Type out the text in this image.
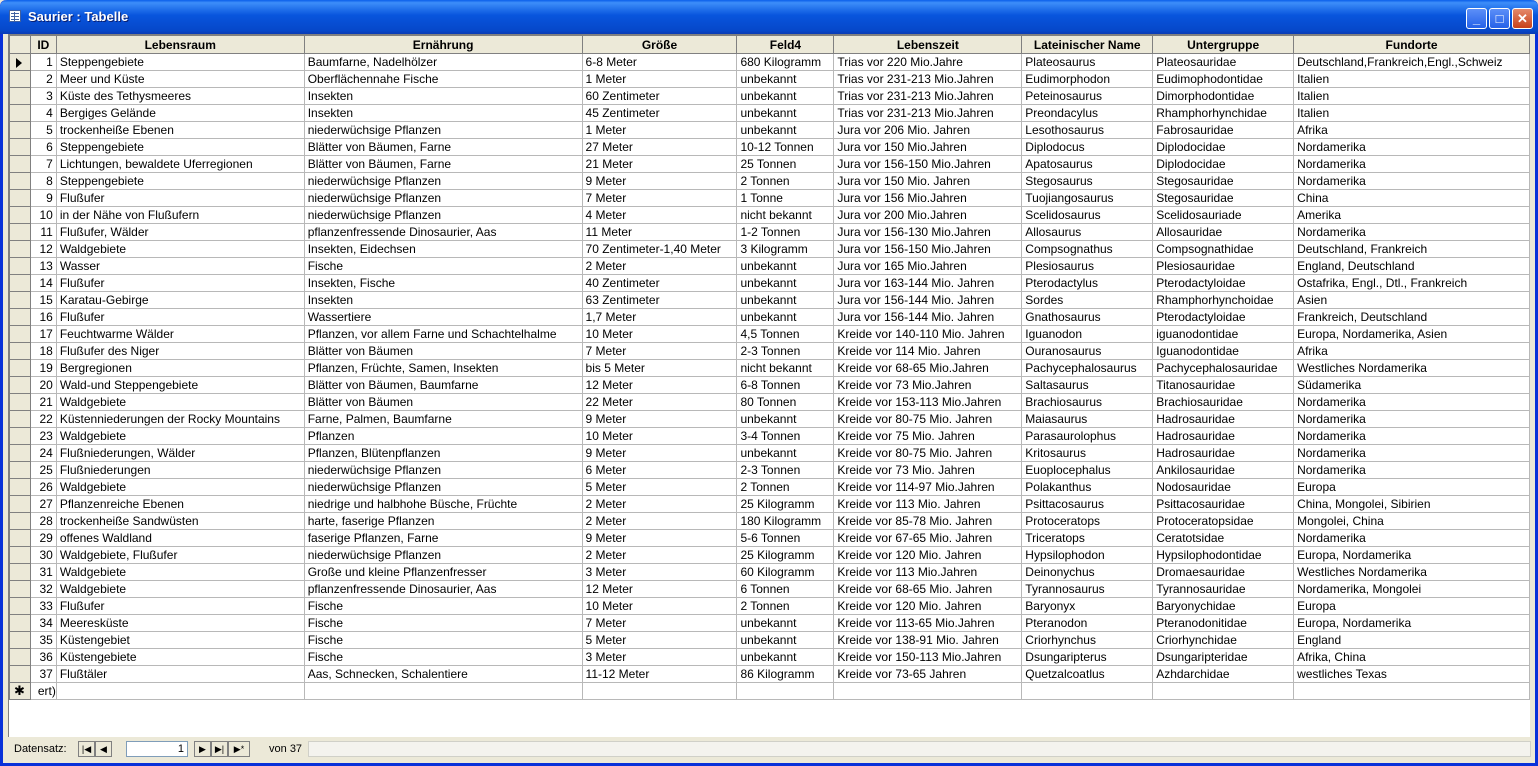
Saurier : Tabelle	_	□	✕
	ID	Lebensraum	Ernährung	Größe	Feld4	Lebenszeit	Lateinischer Name	Untergruppe	Fundorte

	1	Steppengebiete	Baumfarne, Nadelhölzer	6-8 Meter	680 Kilogramm	Trias vor 220 Mio.Jahre	Plateosaurus	Plateosauridae	Deutschland,Frankreich,Engl.,Schweiz
	2	Meer und Küste	Oberflächennahe Fische	1 Meter	unbekannt	Trias vor 231-213 Mio.Jahren	Eudimorphodon	Eudimophodontidae	Italien
	3	Küste des Tethysmeeres	Insekten	60 Zentimeter	unbekannt	Trias vor 231-213 Mio.Jahren	Peteinosaurus	Dimorphodontidae	Italien
	4	Bergiges Gelände	Insekten	45 Zentimeter	unbekannt	Trias vor 231-213 Mio.Jahren	Preondacylus	Rhamphorhynchidae	Italien
	5	trockenheiße Ebenen	niederwüchsige Pflanzen	1 Meter	unbekannt	Jura vor 206 Mio. Jahren	Lesothosaurus	Fabrosauridae	Afrika
	6	Steppengebiete	Blätter von Bäumen, Farne	27 Meter	10-12 Tonnen	Jura vor 150 Mio.Jahren	Diplodocus	Diplodocidae	Nordamerika
	7	Lichtungen, bewaldete Uferregionen	Blätter von Bäumen, Farne	21 Meter	25 Tonnen	Jura vor 156-150 Mio.Jahren	Apatosaurus	Diplodocidae	Nordamerika
	8	Steppengebiete	niederwüchsige Pflanzen	9 Meter	2 Tonnen	Jura vor 150 Mio. Jahren	Stegosaurus	Stegosauridae	Nordamerika
	9	Flußufer	niederwüchsige Pflanzen	7 Meter	1 Tonne	Jura vor 156 Mio.Jahren	Tuojiangosaurus	Stegosauridae	China
	10	in der Nähe von Flußufern	niederwüchsige Pflanzen	4 Meter	nicht bekannt	Jura vor 200 Mio.Jahren	Scelidosaurus	Scelidosauriade	Amerika
	11	Flußufer, Wälder	pflanzenfressende Dinosaurier, Aas	11 Meter	1-2 Tonnen	Jura vor 156-130 Mio.Jahren	Allosaurus	Allosauridae	Nordamerika
	12	Waldgebiete	Insekten, Eidechsen	70 Zentimeter-1,40 Meter	3 Kilogramm	Jura vor 156-150 Mio.Jahren	Compsognathus	Compsognathidae	Deutschland, Frankreich
	13	Wasser	Fische	2 Meter	unbekannt	Jura vor 165 Mio.Jahren	Plesiosaurus	Plesiosauridae	England, Deutschland
	14	Flußufer	Insekten, Fische	40 Zentimeter	unbekannt	Jura vor 163-144 Mio. Jahren	Pterodactylus	Pterodactyloidae	Ostafrika, Engl., Dtl., Frankreich
	15	Karatau-Gebirge	Insekten	63 Zentimeter	unbekannt	Jura vor 156-144 Mio. Jahren	Sordes	Rhamphorhynchoidae	Asien
	16	Flußufer	Wassertiere	1,7 Meter	unbekannt	Jura vor 156-144 Mio. Jahren	Gnathosaurus	Pterodactyloidae	Frankreich, Deutschland
	17	Feuchtwarme Wälder	Pflanzen, vor allem Farne und Schachtelhalme	10 Meter	4,5 Tonnen	Kreide vor 140-110 Mio. Jahren	Iguanodon	iguanodontidae	Europa, Nordamerika, Asien
	18	Flußufer des Niger	Blätter von Bäumen	7 Meter	2-3 Tonnen	Kreide vor 114 Mio. Jahren	Ouranosaurus	Iguanodontidae	Afrika
	19	Bergregionen	Pflanzen, Früchte, Samen, Insekten	bis 5 Meter	nicht bekannt	Kreide vor 68-65 Mio.Jahren	Pachycephalosaurus	Pachycephalosauridae	Westliches Nordamerika
	20	Wald-und Steppengebiete	Blätter von Bäumen, Baumfarne	12 Meter	6-8 Tonnen	Kreide vor 73 Mio.Jahren	Saltasaurus	Titanosauridae	Südamerika
	21	Waldgebiete	Blätter von Bäumen	22 Meter	80 Tonnen	Kreide vor 153-113 Mio.Jahren	Brachiosaurus	Brachiosauridae	Nordamerika
	22	Küstenniederungen der Rocky Mountains	Farne, Palmen, Baumfarne	9 Meter	unbekannt	Kreide vor 80-75 Mio. Jahren	Maiasaurus	Hadrosauridae	Nordamerika
	23	Waldgebiete	Pflanzen	10 Meter	3-4 Tonnen	Kreide vor 75 Mio. Jahren	Parasaurolophus	Hadrosauridae	Nordamerika
	24	Flußniederungen, Wälder	Pflanzen, Blütenpflanzen	9 Meter	unbekannt	Kreide vor 80-75 Mio. Jahren	Kritosaurus	Hadrosauridae	Nordamerika
	25	Flußniederungen	niederwüchsige Pflanzen	6 Meter	2-3 Tonnen	Kreide vor 73 Mio. Jahren	Euoplocephalus	Ankilosauridae	Nordamerika
	26	Waldgebiete	niederwüchsige Pflanzen	5 Meter	2 Tonnen	Kreide vor 114-97 Mio.Jahren	Polakanthus	Nodosauridae	Europa
	27	Pflanzenreiche Ebenen	niedrige und halbhohe Büsche, Früchte	2 Meter	25 Kilogramm	Kreide vor 113 Mio. Jahren	Psittacosaurus	Psittacosauridae	China, Mongolei, Sibirien
	28	trockenheiße Sandwüsten	harte, faserige Pflanzen	2 Meter	180 Kilogramm	Kreide vor 85-78 Mio. Jahren	Protoceratops	Protoceratopsidae	Mongolei, China
	29	offenes Waldland	faserige Pflanzen, Farne	9 Meter	5-6 Tonnen	Kreide vor 67-65 Mio. Jahren	Triceratops	Ceratotsidae	Nordamerika
	30	Waldgebiete, Flußufer	niederwüchsige Pflanzen	2 Meter	25 Kilogramm	Kreide vor 120 Mio. Jahren	Hypsilophodon	Hypsilophodontidae	Europa, Nordamerika
	31	Waldgebiete	Große und kleine Pflanzenfresser	3 Meter	60 Kilogramm	Kreide vor 113 Mio.Jahren	Deinonychus	Dromaesauridae	Westliches Nordamerika
	32	Waldgebiete	pflanzenfressende Dinosaurier, Aas	12 Meter	6 Tonnen	Kreide vor 68-65 Mio. Jahren	Tyrannosaurus	Tyrannosauridae	Nordamerika, Mongolei
	33	Flußufer	Fische	10 Meter	2 Tonnen	Kreide vor 120 Mio. Jahren	Baryonyx	Baryonychidae	Europa
	34	Meeresküste	Fische	7 Meter	unbekannt	Kreide vor 113-65 Mio.Jahren	Pteranodon	Pteranodonitidae	Europa, Nordamerika
	35	Küstengebiet	Fische	5 Meter	unbekannt	Kreide vor 138-91 Mio. Jahren	Criorhynchus	Criorhynchidae	England
	36	Küstengebiete	Fische	3 Meter	unbekannt	Kreide vor 150-113 Mio.Jahren	Dsungaripterus	Dsungaripteridae	Afrika, China
	37	Flußtäler	Aas, Schnecken, Schalentiere	11-12 Meter	86 Kilogramm	Kreide vor 73-65 Jahren	Quetzalcoatlus	Azhdarchidae	westliches Texas

✱	ert)								
Datensatz:	|◀ ◀	1	▶ ▶|	▶*	von 37
